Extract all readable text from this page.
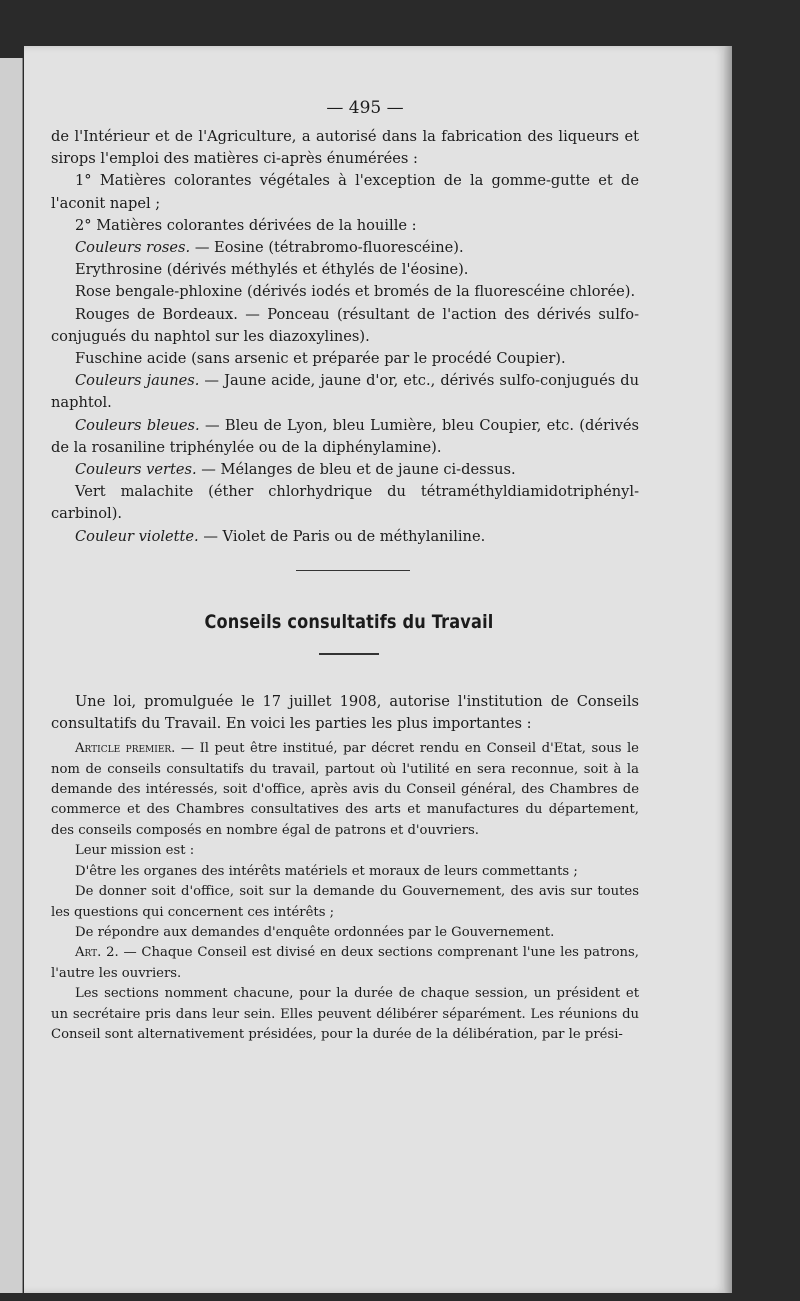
— 495 —

de l'Intérieur et de l'Agriculture, a autorisé dans la fabrication des liqueurs et sirops l'emploi des matières ci-après énumérées :

1° Matières colorantes végétales à l'exception de la gomme-gutte et de l'aconit napel ;

2° Matières colorantes dérivées de la houille :

Couleurs roses. — Eosine (tétrabromo-fluorescéine).

Erythrosine (dérivés méthylés et éthylés de l'éosine).

Rose bengale-phloxine (dérivés iodés et bromés de la fluorescéine chlorée).

Rouges de Bordeaux. — Ponceau (résultant de l'action des dérivés sulfo-conjugués du naphtol sur les diazoxylines).

Fuschine acide (sans arsenic et préparée par le procédé Coupier).

Couleurs jaunes. — Jaune acide, jaune d'or, etc., dérivés sulfo-conjugués du naphtol.

Couleurs bleues. — Bleu de Lyon, bleu Lumière, bleu Coupier, etc. (dérivés de la rosaniline triphénylée ou de la diphénylamine).

Couleurs vertes. — Mélanges de bleu et de jaune ci-dessus.

Vert malachite (éther chlorhydrique du tétraméthyldiamidotriphényl-carbinol).

Couleur violette. — Violet de Paris ou de méthylaniline.

Conseils consultatifs du Travail

Une loi, promulguée le 17 juillet 1908, autorise l'institution de Conseils consultatifs du Travail. En voici les parties les plus importantes :

Article premier. — Il peut être institué, par décret rendu en Conseil d'Etat, sous le nom de conseils consultatifs du travail, partout où l'utilité en sera reconnue, soit à la demande des intéressés, soit d'office, après avis du Conseil général, des Chambres de commerce et des Chambres consultatives des arts et manufactures du département, des conseils composés en nombre égal de patrons et d'ouvriers.

Leur mission est :

D'être les organes des intérêts matériels et moraux de leurs commettants ;

De donner soit d'office, soit sur la demande du Gouvernement, des avis sur toutes les questions qui concernent ces intérêts ;

De répondre aux demandes d'enquête ordonnées par le Gouvernement.

Art. 2. — Chaque Conseil est divisé en deux sections comprenant l'une les patrons, l'autre les ouvriers.

Les sections nomment chacune, pour la durée de chaque session, un président et un secrétaire pris dans leur sein. Elles peuvent délibérer séparément. Les réunions du Conseil sont alternativement présidées, pour la durée de la délibération, par le prési-
